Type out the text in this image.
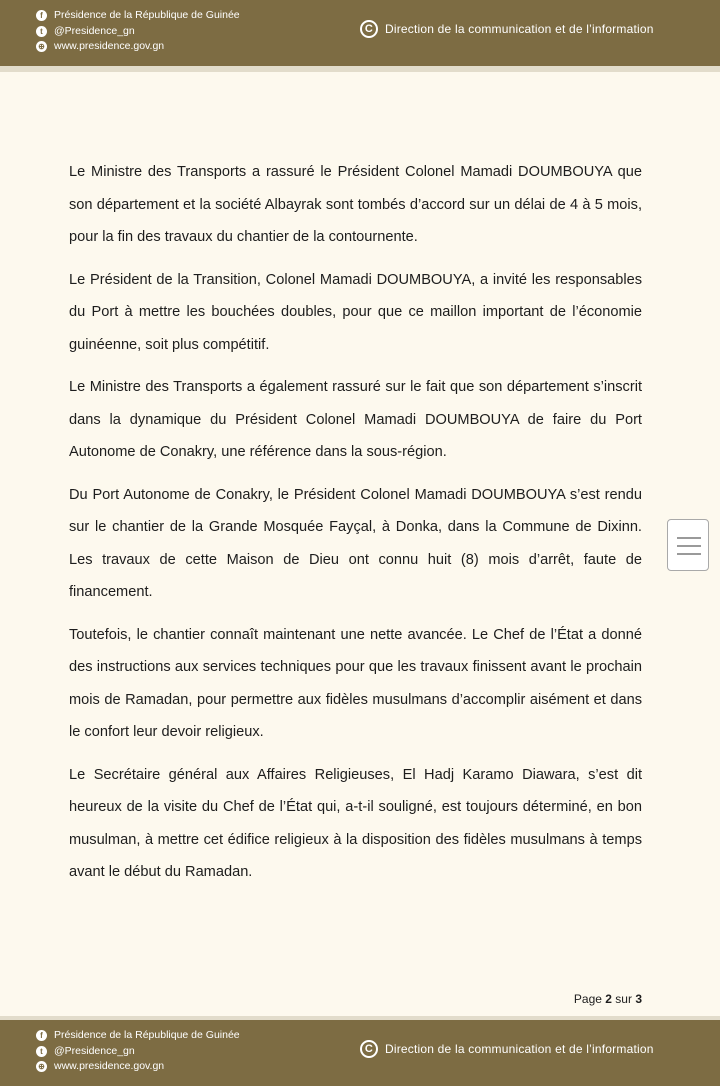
f	Présidence de la République de Guinée
t	@Presidence_gn
⊕ www.presidence.gov.gn
C Direction de la communication et de l’information

Le Ministre des Transports a rassuré le Président Colonel Mamadi DOUMBOUYA que son département et la société Albayrak sont tombés d’accord sur un délai de 4 à 5 mois, pour la fin des travaux du chantier de la contournente.

Le Président de la Transition, Colonel Mamadi DOUMBOUYA, a invité les responsables du Port à mettre les bouchées doubles, pour que ce maillon important de l’économie guinéenne, soit plus compétitif.

Le Ministre des Transports a également rassuré sur le fait que son département s’inscrit dans la dynamique du Président Colonel Mamadi DOUMBOUYA de faire du Port Autonome de Conakry, une référence dans la sous-région.

Du Port Autonome de Conakry, le Président Colonel Mamadi DOUMBOUYA s’est rendu sur le chantier de la Grande Mosquée Fayçal, à Donka, dans la Commune de Dixinn. Les travaux de cette Maison de Dieu ont connu huit (8) mois d’arrêt, faute de financement.

Toutefois, le chantier connaît maintenant une nette avancée. Le Chef de l’État a donné des instructions aux services techniques pour que les travaux finissent avant le prochain mois de Ramadan, pour permettre aux fidèles musulmans d’accomplir aisément et dans le confort leur devoir religieux.

Le Secrétaire général aux Affaires Religieuses, El Hadj Karamo Diawara, s’est dit heureux de la visite du Chef de l’État qui, a-t-il souligné, est toujours déterminé, en bon musulman, à mettre cet édifice religieux à la disposition des fidèles musulmans à temps avant le début du Ramadan.

Page 2 sur 3
f	Présidence de la République de Guinée
t	@Presidence_gn
⊕ www.presidence.gov.gn
C Direction de la communication et de l’information
